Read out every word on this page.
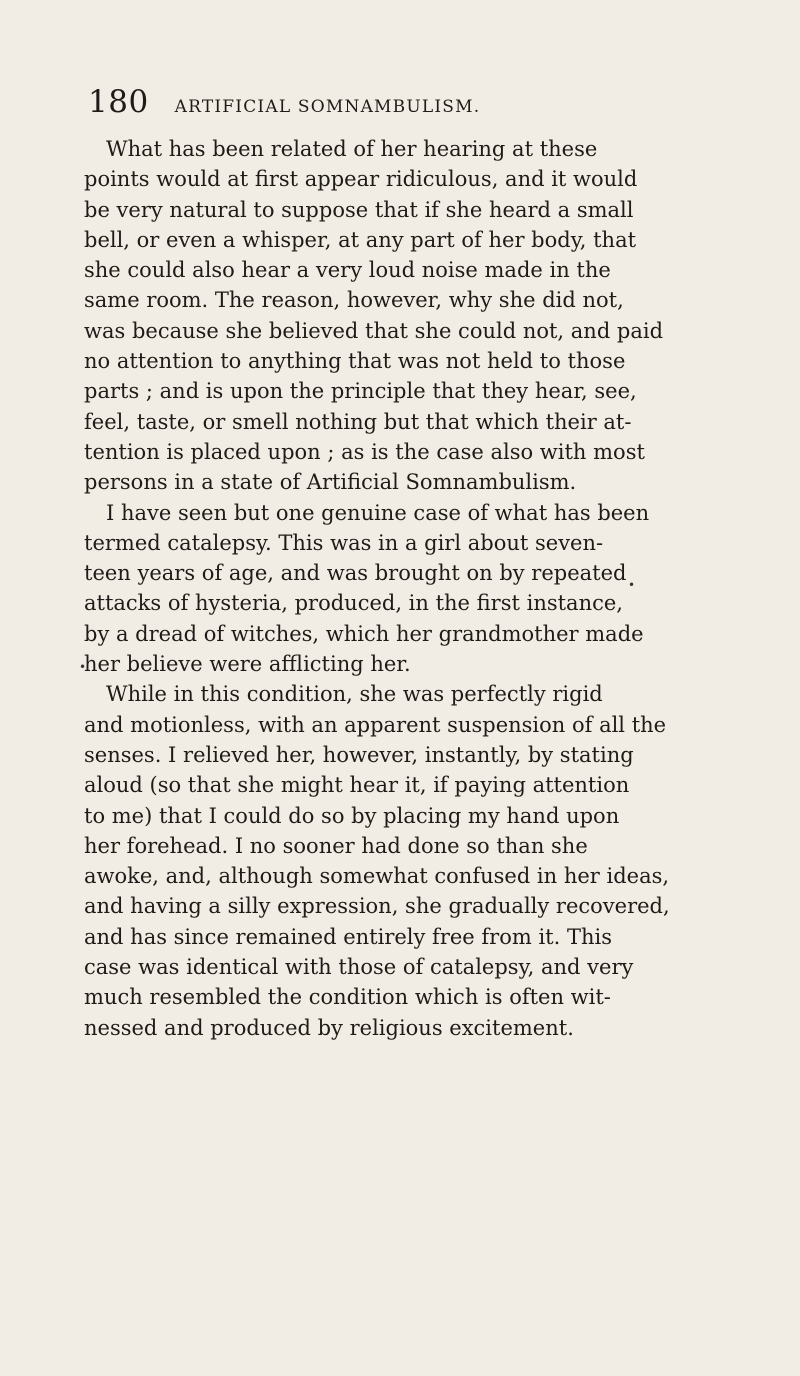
180 ARTIFICIAL SOMNAMBULISM.
What has been related of her hearing at these
points would at first appear ridiculous, and it would
be very natural to suppose that if she heard a small
bell, or even a whisper, at any part of her body, that
she could also hear a very loud noise made in the
same room. The reason, however, why she did not,
was because she believed that she could not, and paid
no attention to anything that was not held to those
parts ; and is upon the principle that they hear, see,
feel, taste, or smell nothing but that which their at-
tention is placed upon ; as is the case also with most
persons in a state of Artificial Somnambulism.
I have seen but one genuine case of what has been
termed catalepsy. This was in a girl about seven-
teen years of age, and was brought on by repeated
attacks of hysteria, produced, in the first instance,
by a dread of witches, which her grandmother made
her believe were afflicting her.
While in this condition, she was perfectly rigid
and motionless, with an apparent suspension of all the
senses. I relieved her, however, instantly, by stating
aloud (so that she might hear it, if paying attention
to me) that I could do so by placing my hand upon
her forehead. I no sooner had done so than she
awoke, and, although somewhat confused in her ideas,
and having a silly expression, she gradually recovered,
and has since remained entirely free from it. This
case was identical with those of catalepsy, and very
much resembled the condition which is often wit-
nessed and produced by religious excitement.
•
•
